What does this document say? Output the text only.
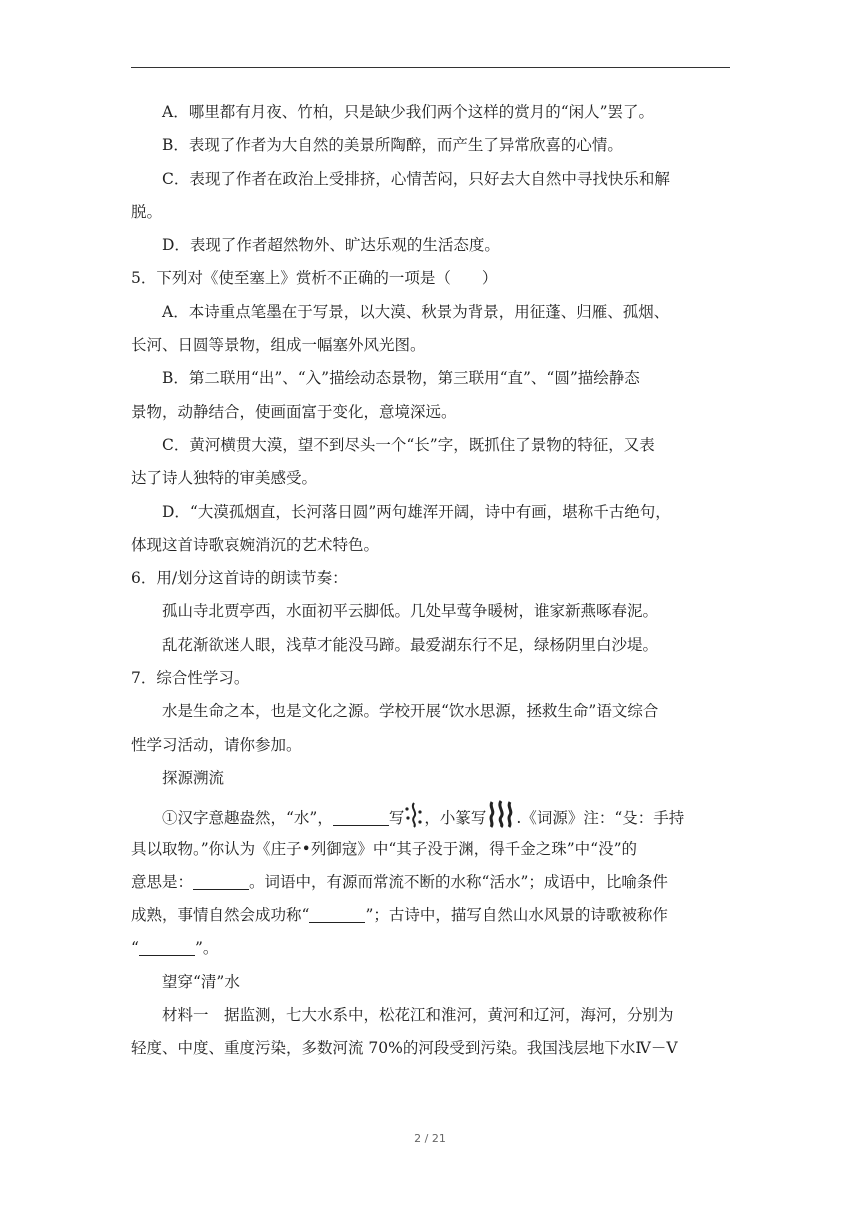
A．哪里都有月夜、竹柏，只是缺少我们两个这样的赏月的“闲人”罢了。
B．表现了作者为大自然的美景所陶醉，而产生了异常欣喜的心情。
C．表现了作者在政治上受排挤，心情苦闷，只好去大自然中寻找快乐和解
脱。
D．表现了作者超然物外、旷达乐观的生活态度。
5．下列对《使至塞上》赏析不正确的一项是（　　）
A．本诗重点笔墨在于写景，以大漠、秋景为背景，用征蓬、归雁、孤烟、
长河、日圆等景物，组成一幅塞外风光图。
B．第二联用“出”、“入”描绘动态景物，第三联用“直”、“圆”描绘静态
景物，动静结合，使画面富于变化，意境深远。
C．黄河横贯大漠，望不到尽头一个“长”字，既抓住了景物的特征，又表
达了诗人独特的审美感受。
D．“大漠孤烟直，长河落日圆”两句雄浑开阔，诗中有画，堪称千古绝句，
体现这首诗歌哀婉消沉的艺术特色。
6．用/划分这首诗的朗读节奏：
孤山寺北贾亭西，水面初平云脚低。几处早莺争暖树，谁家新燕啄春泥。
乱花渐欲迷人眼，浅草才能没马蹄。最爱湖东行不足，绿杨阴里白沙堤。
7．综合性学习。
水是生命之本，也是文化之源。学校开展“饮水思源，拯救生命”语文综合
性学习活动，请你参加。
探源溯流
①汉字意趣盎然，“水”，	写 ，小篆写 .《词源》注：“殳：手持
具以取物。”你认为《庄子•列御寇》中“其子没于渊，得千金之珠”中“没”的
意思是：	。词语中，有源而常流不断的水称“活水”；成语中，比喻条件
成熟，事情自然会成功称“	”；古诗中，描写自然山水风景的诗歌被称作
“	”。
望穿“清”水
材料一　据监测，七大水系中，松花江和淮河，黄河和辽河，海河，分别为
轻度、中度、重度污染，多数河流 70%的河段受到污染。我国浅层地下水Ⅳ－Ⅴ
2 / 21
